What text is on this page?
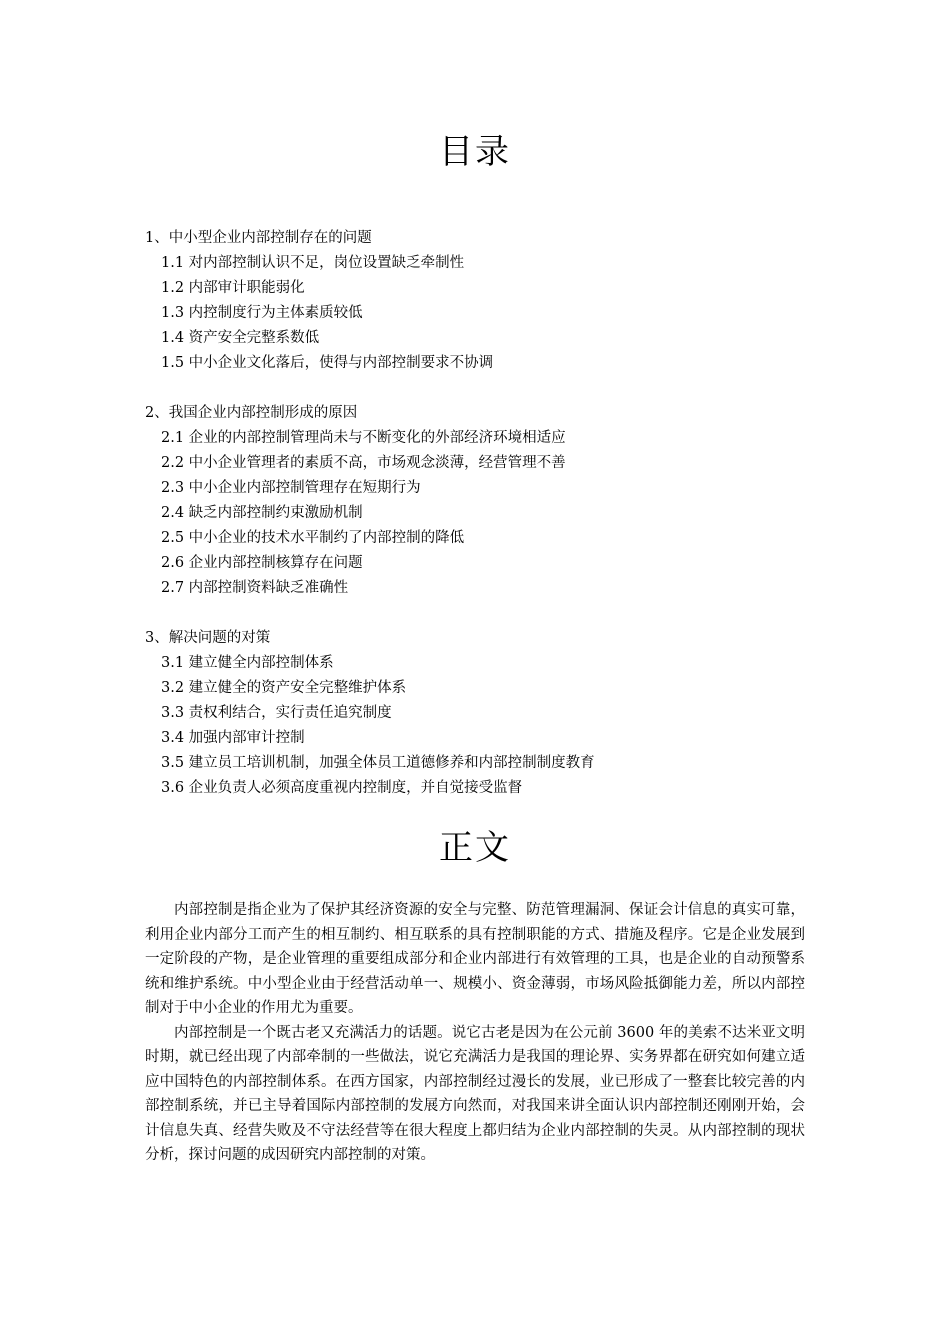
目录
1、中小型企业内部控制存在的问题
1.1 对内部控制认识不足，岗位设置缺乏牵制性
1.2 内部审计职能弱化
1.3 内控制度行为主体素质较低
1.4 资产安全完整系数低
1.5 中小企业文化落后，使得与内部控制要求不协调
2、我国企业内部控制形成的原因
2.1 企业的内部控制管理尚未与不断变化的外部经济环境相适应
2.2 中小企业管理者的素质不高，市场观念淡薄，经营管理不善
2.3 中小企业内部控制管理存在短期行为
2.4 缺乏内部控制约束激励机制
2.5 中小企业的技术水平制约了内部控制的降低
2.6 企业内部控制核算存在问题
2.7 内部控制资料缺乏准确性
3、解决问题的对策
3.1 建立健全内部控制体系
3.2 建立健全的资产安全完整维护体系
3.3 责权利结合，实行责任追究制度
3.4 加强内部审计控制
3.5 建立员工培训机制，加强全体员工道德修养和内部控制制度教育
3.6 企业负责人必须高度重视内控制度，并自觉接受监督
正文

内部控制是指企业为了保护其经济资源的安全与完整、防范管理漏洞、保证会计信息的真实可靠，利用企业内部分工而产生的相互制约、相互联系的具有控制职能的方式、措施及程序。它是企业发展到一定阶段的产物，是企业管理的重要组成部分和企业内部进行有效管理的工具，也是企业的自动预警系统和维护系统。中小型企业由于经营活动单一、规模小、资金薄弱，市场风险抵御能力差，所以内部控制对于中小企业的作用尤为重要。

内部控制是一个既古老又充满活力的话题。说它古老是因为在公元前 3600 年的美索不达米亚文明时期，就已经出现了内部牵制的一些做法，说它充满活力是我国的理论界、实务界都在研究如何建立适应中国特色的内部控制体系。在西方国家，内部控制经过漫长的发展，业已形成了一整套比较完善的内部控制系统，并已主导着国际内部控制的发展方向然而，对我国来讲全面认识内部控制还刚刚开始，会计信息失真、经营失败及不守法经营等在很大程度上都归结为企业内部控制的失灵。从内部控制的现状分析，探讨问题的成因研究内部控制的对策。
